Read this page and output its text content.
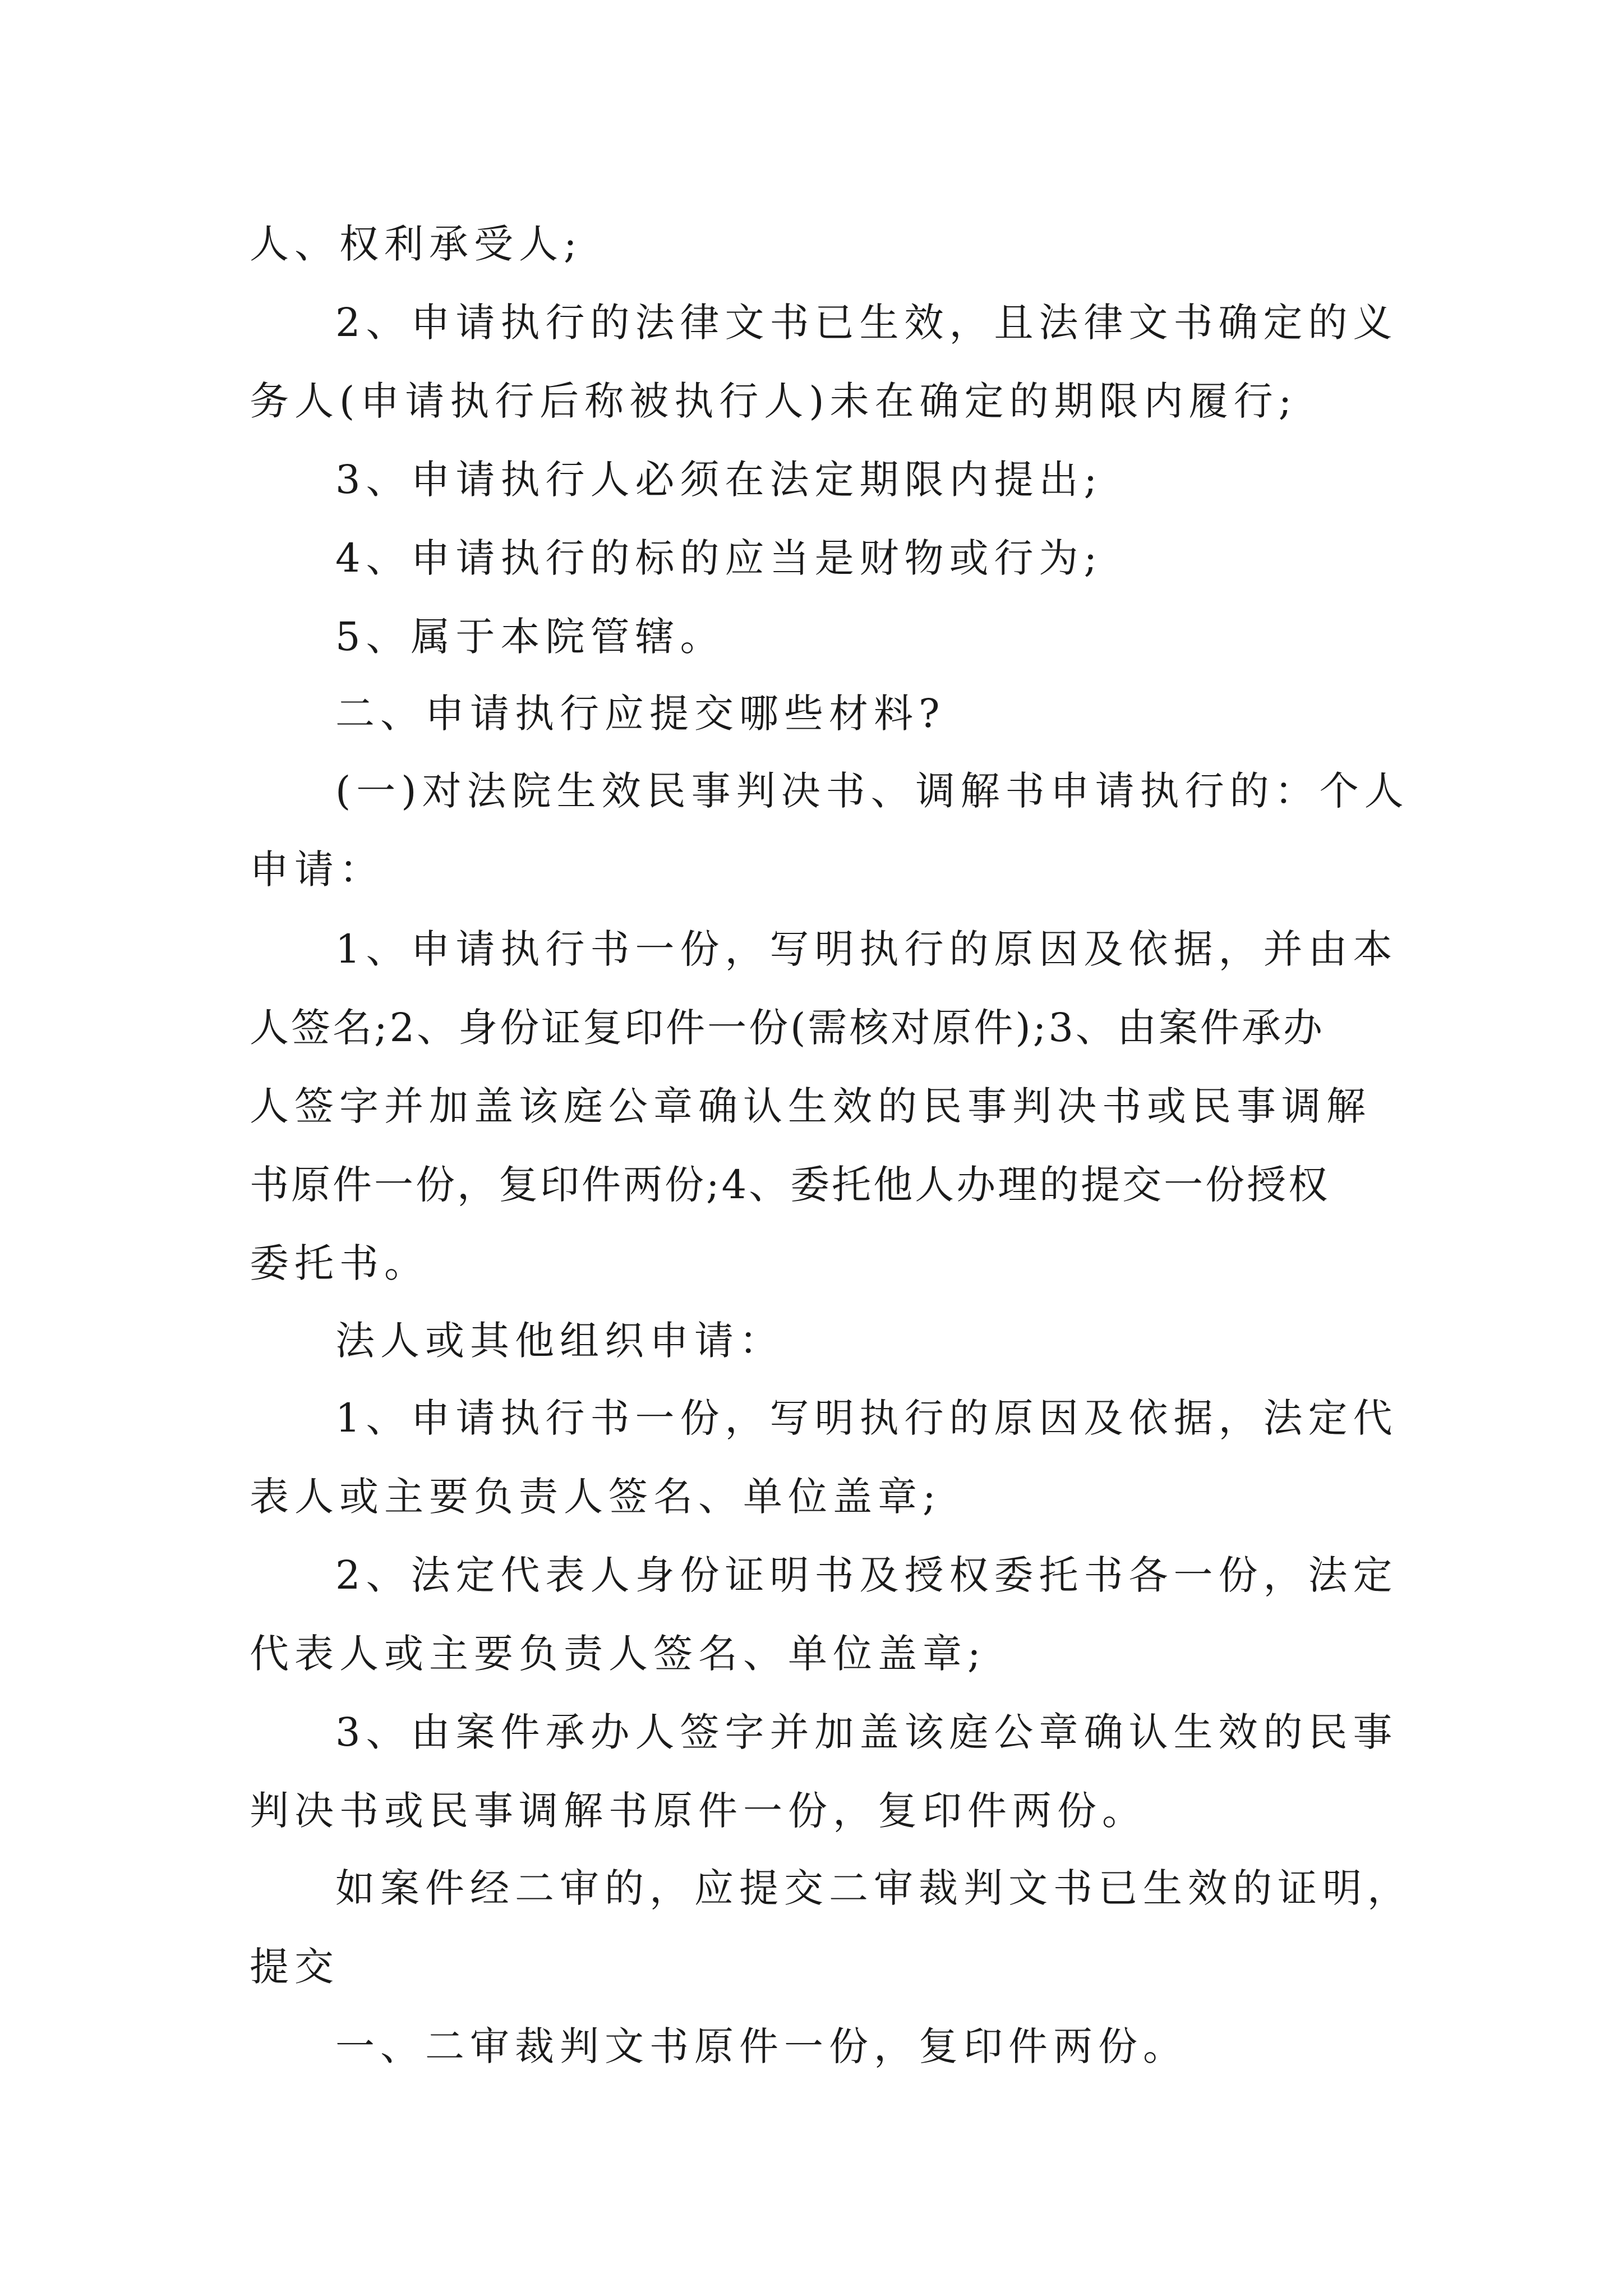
人、权利承受人;

2、申请执行的法律文书已生效，且法律文书确定的义

务人(申请执行后称被执行人)未在确定的期限内履行;

3、申请执行人必须在法定期限内提出;

4、申请执行的标的应当是财物或行为;

5、属于本院管辖。

二、申请执行应提交哪些材料?

(一)对法院生效民事判决书、调解书申请执行的：个人

申请：

1、申请执行书一份，写明执行的原因及依据，并由本

人签名;2、身份证复印件一份(需核对原件);3、由案件承办

人签字并加盖该庭公章确认生效的民事判决书或民事调解

书原件一份，复印件两份;4、委托他人办理的提交一份授权

委托书。

法人或其他组织申请：

1、申请执行书一份，写明执行的原因及依据，法定代

表人或主要负责人签名、单位盖章;

2、法定代表人身份证明书及授权委托书各一份，法定

代表人或主要负责人签名、单位盖章;

3、由案件承办人签字并加盖该庭公章确认生效的民事

判决书或民事调解书原件一份，复印件两份。

如案件经二审的，应提交二审裁判文书已生效的证明，

提交

一、二审裁判文书原件一份，复印件两份。
